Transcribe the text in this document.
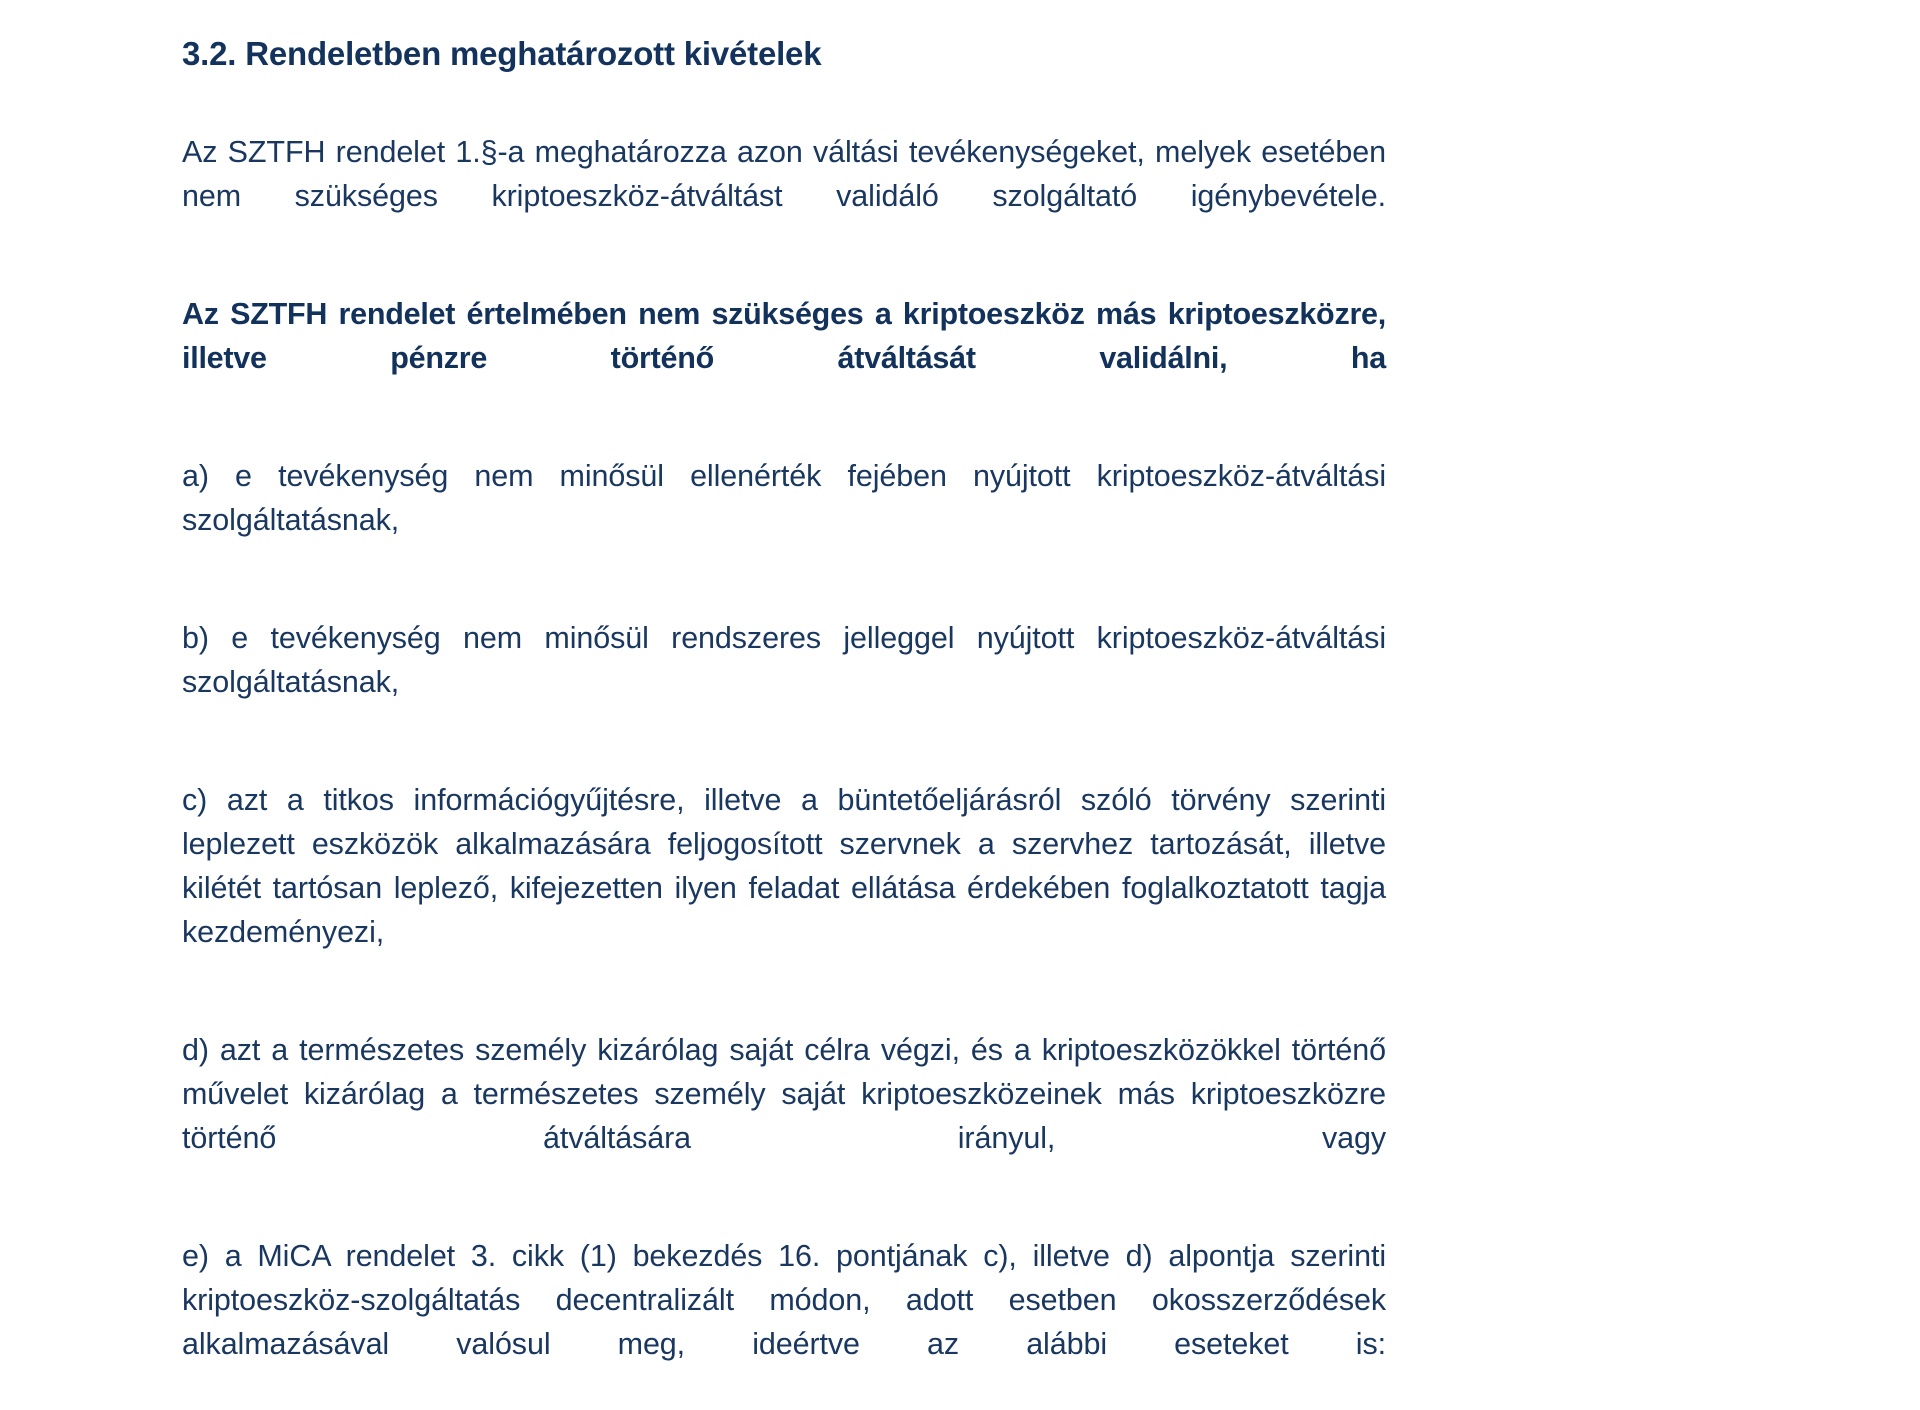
3.2. Rendeletben meghatározott kivételek

Az SZTFH rendelet 1.§-a meghatározza azon váltási tevékenységeket, melyek esetében nem szükséges kriptoeszköz-átváltást validáló szolgáltató igénybevétele.

Az SZTFH rendelet értelmében nem szükséges a kriptoeszköz más kriptoeszközre, illetve pénzre történő átváltását validálni, ha

a) e tevékenység nem minősül ellenérték fejében nyújtott kriptoeszköz-átváltási szolgáltatásnak,

b) e tevékenység nem minősül rendszeres jelleggel nyújtott kriptoeszköz-átváltási szolgáltatásnak,

c) azt a titkos információgyűjtésre, illetve a büntetőeljárásról szóló törvény szerinti leplezett eszközök alkalmazására feljogosított szervnek a szervhez tartozását, illetve kilétét tartósan leplező, kifejezetten ilyen feladat ellátása érdekében foglalkoztatott tagja kezdeményezi,

d) azt a természetes személy kizárólag saját célra végzi, és a kriptoeszközökkel történő művelet kizárólag a természetes személy saját kriptoeszközeinek más kriptoeszközre történő átváltására irányul, vagy

e) a MiCA rendelet 3. cikk (1) bekezdés 16. pontjának c), illetve d) alpontja szerinti kriptoeszköz-szolgáltatás decentralizált módon, adott esetben okosszerződések alkalmazásával valósul meg, ideértve az alábbi eseteket is:
